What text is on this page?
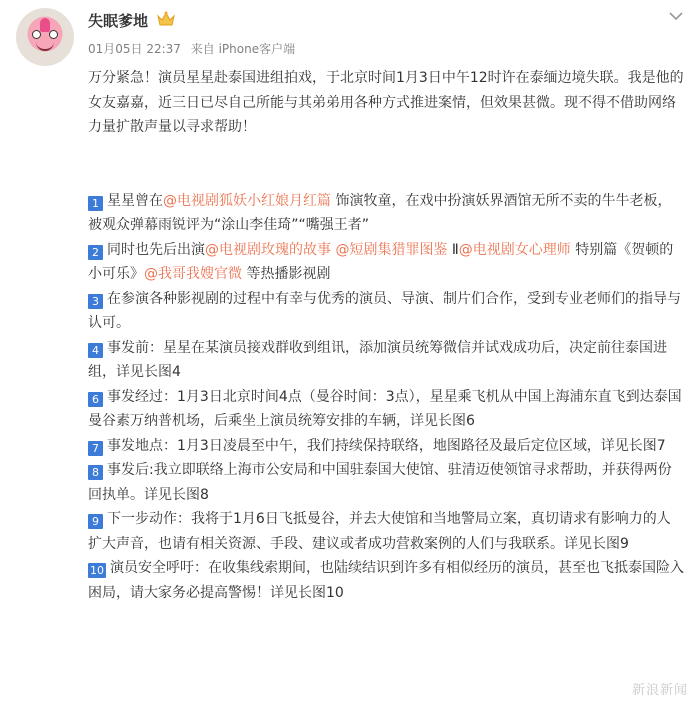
失眠爹地
01月05日 22:37 来自 iPhone客户端

万分紧急！演员星星赴泰国进组拍戏，于北京时间1月3日中午12时许在泰缅边境失联。我是他的女友嘉嘉，近三日已尽自己所能与其弟弟用各种方式推进案情，但效果甚微。现不得不借助网络力量扩散声量以寻求帮助！

1 星星曾在@电视剧狐妖小红娘月红篇 饰演牧童，在戏中扮演妖界酒馆无所不卖的牛牛老板，被观众弹幕雨锐评为“涂山李佳琦”“嘴强王者”

2 同时也先后出演@电视剧玫瑰的故事 @短剧集猎罪图鉴 Ⅱ@电视剧女心理师 特别篇《贺顿的小可乐》@我哥我嫂官微 等热播影视剧

3 在参演各种影视剧的过程中有幸与优秀的演员、导演、制片们合作，受到专业老师们的指导与认可。

4 事发前：星星在某演员接戏群收到组讯，添加演员统筹微信并试戏成功后，决定前往泰国进组，详见长图4

6 事发经过：1月3日北京时间4点（曼谷时间：3点），星星乘飞机从中国上海浦东直飞到达泰国曼谷素万纳普机场，后乘坐上演员统筹安排的车辆，详见长图6

7 事发地点：1月3日凌晨至中午，我们持续保持联络，地图路径及最后定位区域，详见长图7

8 事发后:我立即联络上海市公安局和中国驻泰国大使馆、驻清迈使领馆寻求帮助，并获得两份回执单。详见长图8

9 下一步动作：我将于1月6日飞抵曼谷，并去大使馆和当地警局立案，真切请求有影响力的人扩大声音，也请有相关资源、手段、建议或者成功营救案例的人们与我联系。详见长图9

10 演员安全呼吁：在收集线索期间，也陆续结识到许多有相似经历的演员，甚至也飞抵泰国险入困局，请大家务必提高警惕！详见长图10

新浪新闻
